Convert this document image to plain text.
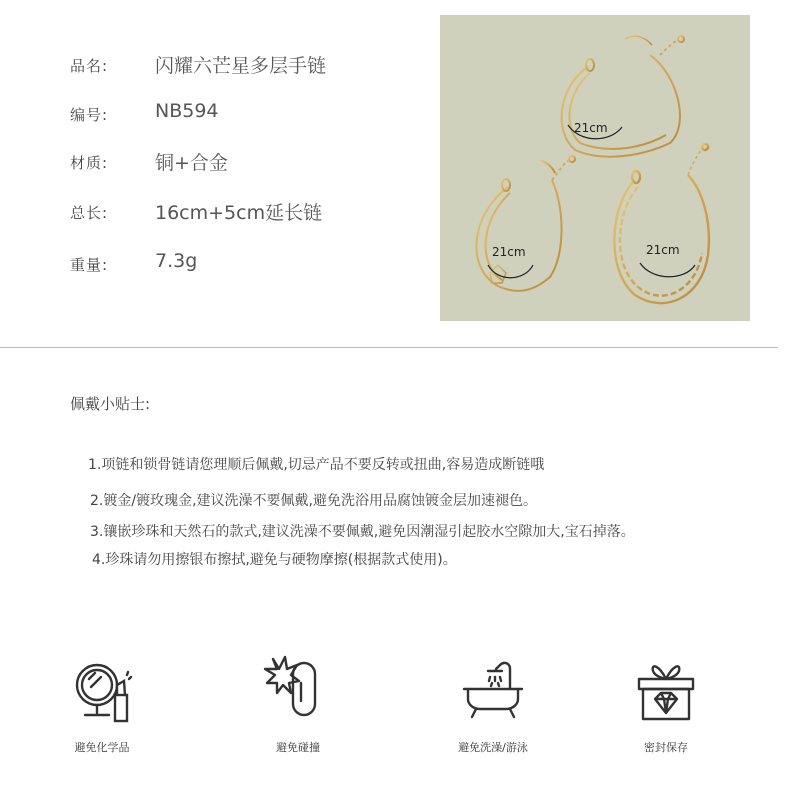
品名: 闪耀六芒星多层手链
编号: NB594
材质: 铜+合金
总长: 16cm+5cm延长链
重量: 7.3g
21cm
21cm	21cm
佩戴小贴士:
1.项链和锁骨链请您理顺后佩戴,切忌产品不要反转或扭曲,容易造成断链哦
2.镀金/镀玫瑰金,建议洗澡不要佩戴,避免洗浴用品腐蚀镀金层加速褪色。
3.镶嵌珍珠和天然石的款式,建议洗澡不要佩戴,避免因潮湿引起胶水空隙加大,宝石掉落。
4.珍珠请勿用擦银布擦拭,避免与硬物摩擦(根据款式使用)。
避免化学品	避免碰撞	避免洗澡/游泳	密封保存
